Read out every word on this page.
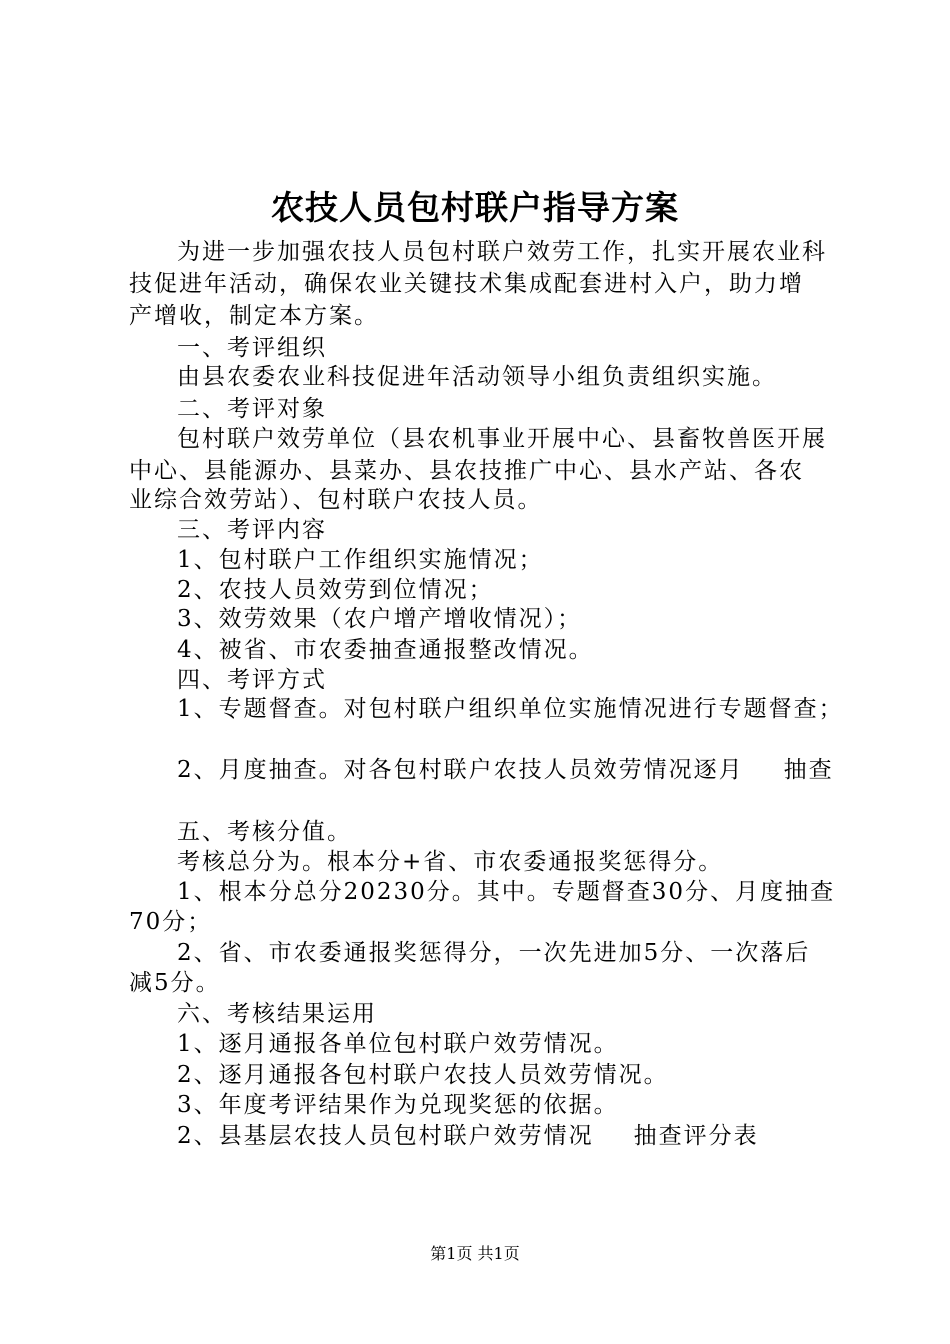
农技人员包村联户指导方案
为进一步加强农技人员包村联户效劳工作，扎实开展农业科
技促进年活动，确保农业关键技术集成配套进村入户，助力增
产增收，制定本方案。
一、考评组织
由县农委农业科技促进年活动领导小组负责组织实施。
二、考评对象
包村联户效劳单位（县农机事业开展中心、县畜牧兽医开展
中心、县能源办、县菜办、县农技推广中心、县水产站、各农
业综合效劳站）、包村联户农技人员。
三、考评内容
1、包村联户工作组织实施情况；
2、农技人员效劳到位情况；
3、效劳效果（农户增产增收情况）；
4、被省、市农委抽查通报整改情况。
四、考评方式
1、专题督查。对包村联户组织单位实施情况进行专题督查；
2、月度抽查。对各包村联户农技人员效劳情况逐月 抽查
五、考核分值。
考核总分为。根本分+省、市农委通报奖惩得分。
1、根本分总分20230分。其中。专题督查30分、月度抽查
70分；
2、省、市农委通报奖惩得分，一次先进加5分、一次落后
减5分。
六、考核结果运用
1、逐月通报各单位包村联户效劳情况。
2、逐月通报各包村联户农技人员效劳情况。
3、年度考评结果作为兑现奖惩的依据。
2、县基层农技人员包村联户效劳情况 抽查评分表
第1页 共1页
